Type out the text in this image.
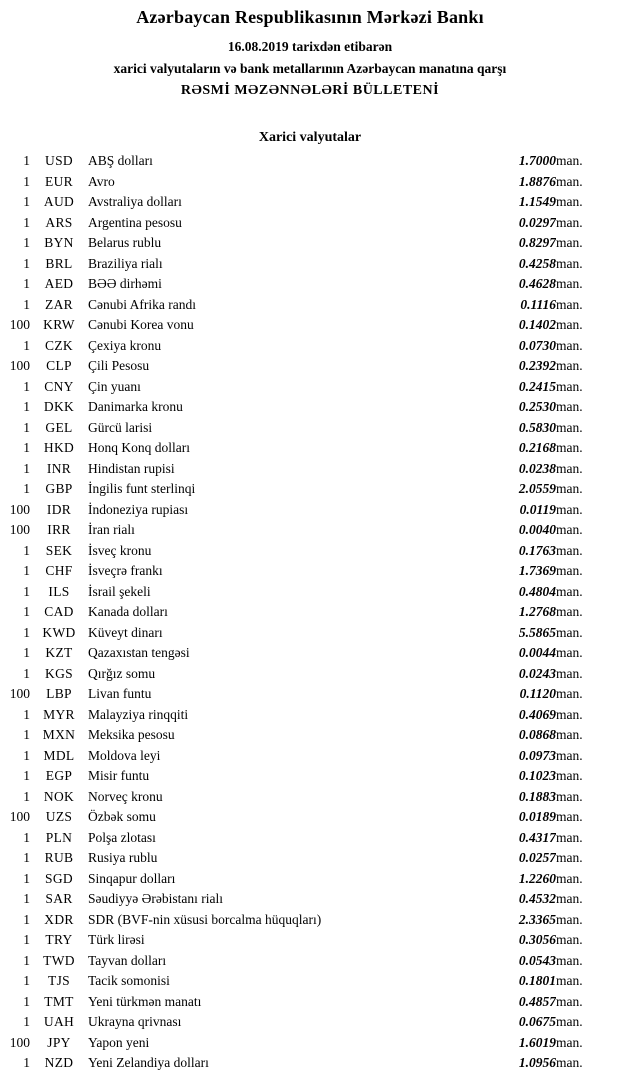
Azərbaycan Respublikasının Mərkəzi Bankı
16.08.2019 tarixdən etibarən
xarici valyutaların və bank metallarının Azərbaycan manatına qarşı
RƏSMİ MƏZƏNNƏLƏRİ BÜLLETENİ
Xarici valyutalar
1	USD	ABŞ dolları	1.7000	man.
1	EUR	Avro	1.8876	man.
1	AUD	Avstraliya dolları	1.1549	man.
1	ARS	Argentina pesosu	0.0297	man.
1	BYN	Belarus rublu	0.8297	man.
1	BRL	Braziliya rialı	0.4258	man.
1	AED	BƏƏ dirhəmi	0.4628	man.
1	ZAR	Cənubi Afrika randı	0.1116	man.
100	KRW	Cənubi Korea vonu	0.1402	man.
1	CZK	Çexiya kronu	0.0730	man.
100	CLP	Çili Pesosu	0.2392	man.
1	CNY	Çin yuanı	0.2415	man.
1	DKK	Danimarka kronu	0.2530	man.
1	GEL	Gürcü larisi	0.5830	man.
1	HKD	Honq Konq dolları	0.2168	man.
1	INR	Hindistan rupisi	0.0238	man.
1	GBP	İngilis funt sterlinqi	2.0559	man.
100	IDR	İndoneziya rupiası	0.0119	man.
100	IRR	İran rialı	0.0040	man.
1	SEK	İsveç kronu	0.1763	man.
1	CHF	İsveçrə frankı	1.7369	man.
1	ILS	İsrail şekeli	0.4804	man.
1	CAD	Kanada dolları	1.2768	man.
1	KWD	Küveyt dinarı	5.5865	man.
1	KZT	Qazaxıstan tengəsi	0.0044	man.
1	KGS	Qırğız somu	0.0243	man.
100	LBP	Livan funtu	0.1120	man.
1	MYR	Malayziya rinqqiti	0.4069	man.
1	MXN	Meksika pesosu	0.0868	man.
1	MDL	Moldova leyi	0.0973	man.
1	EGP	Misir funtu	0.1023	man.
1	NOK	Norveç kronu	0.1883	man.
100	UZS	Özbək somu	0.0189	man.
1	PLN	Polşa zlotası	0.4317	man.
1	RUB	Rusiya rublu	0.0257	man.
1	SGD	Sinqapur dolları	1.2260	man.
1	SAR	Səudiyyə Ərəbistanı rialı	0.4532	man.
1	XDR	SDR (BVF-nin xüsusi borcalma hüquqları)	2.3365	man.
1	TRY	Türk lirəsi	0.3056	man.
1	TWD	Tayvan dolları	0.0543	man.
1	TJS	Tacik somonisi	0.1801	man.
1	TMT	Yeni türkmən manatı	0.4857	man.
1	UAH	Ukrayna qrivnası	0.0675	man.
100	JPY	Yapon yeni	1.6019	man.
1	NZD	Yeni Zelandiya dolları	1.0956	man.
